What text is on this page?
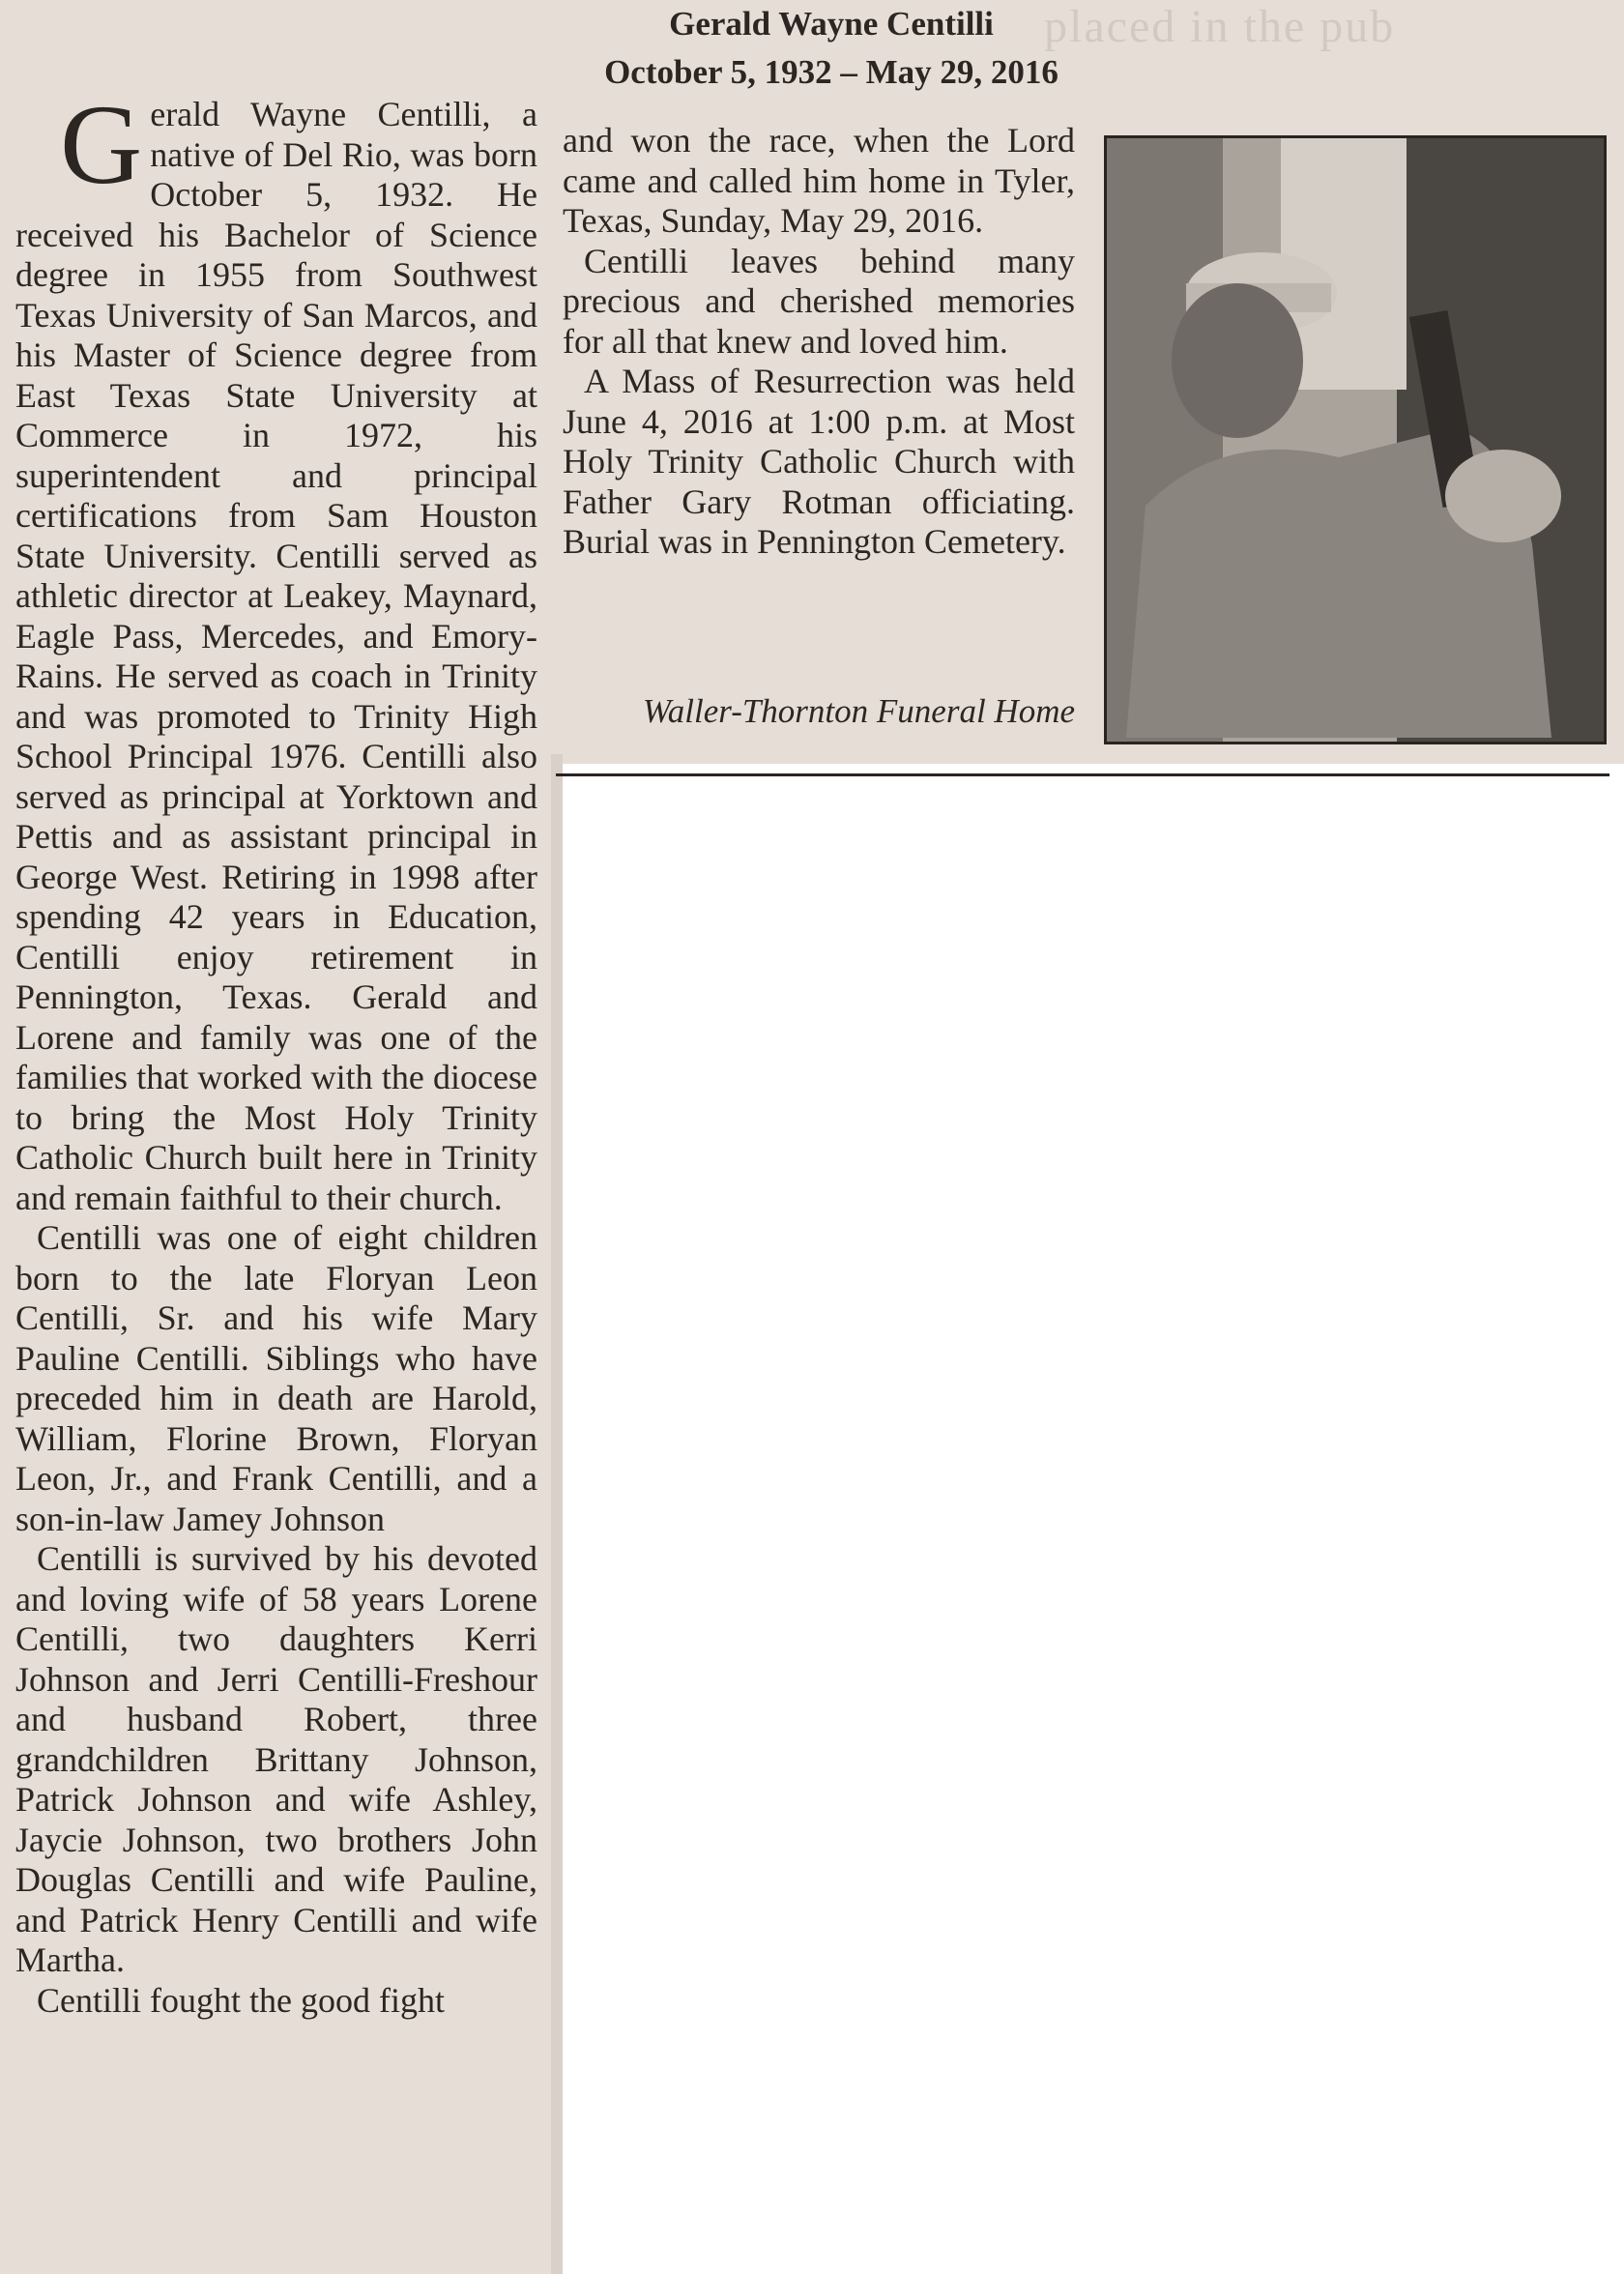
placed in the pub
Gerald Wayne Centilli
October 5, 1932 – May 29, 2016

G erald Wayne Centilli, a native of Del Rio, was born October 5, 1932. He received his Bachelor of Science degree in 1955 from Southwest Texas University of San Marcos, and his Master of Science degree from East Texas State University at Commerce in 1972, his superintendent and principal certifications from Sam Houston State University. Centilli served as athletic director at Leakey, Maynard, Eagle Pass, Mercedes, and Emory-Rains. He served as coach in Trinity and was promoted to Trinity High School Principal 1976. Centilli also served as principal at Yorktown and Pettis and as assistant principal in George West. Retiring in 1998 after spending 42 years in Education, Centilli enjoy retirement in Pennington, Texas. Gerald and Lorene and family was one of the families that worked with the diocese to bring the Most Holy Trinity Catholic Church built here in Trinity and remain faithful to their church.

Centilli was one of eight children born to the late Floryan Leon Centilli, Sr. and his wife Mary Pauline Centilli. Siblings who have preceded him in death are Harold, William, Florine Brown, Floryan Leon, Jr., and Frank Centilli, and a son-in-law Jamey Johnson

Centilli is survived by his devoted and loving wife of 58 years Lorene Centilli, two daughters Kerri Johnson and Jerri Centilli-Freshour and husband Robert, three grandchildren Brittany Johnson, Patrick Johnson and wife Ashley, Jaycie Johnson, two brothers John Douglas Centilli and wife Pauline, and Patrick Henry Centilli and wife Martha.

Centilli fought the good fight

and won the race, when the Lord came and called him home in Tyler, Texas, Sunday, May 29, 2016.

Centilli leaves behind many precious and cherished memories for all that knew and loved him.

A Mass of Resurrection was held June 4, 2016 at 1:00 p.m. at Most Holy Trinity Catholic Church with Father Gary Rotman officiating. Burial was in Pennington Cemetery.

Waller-Thornton Funeral Home
